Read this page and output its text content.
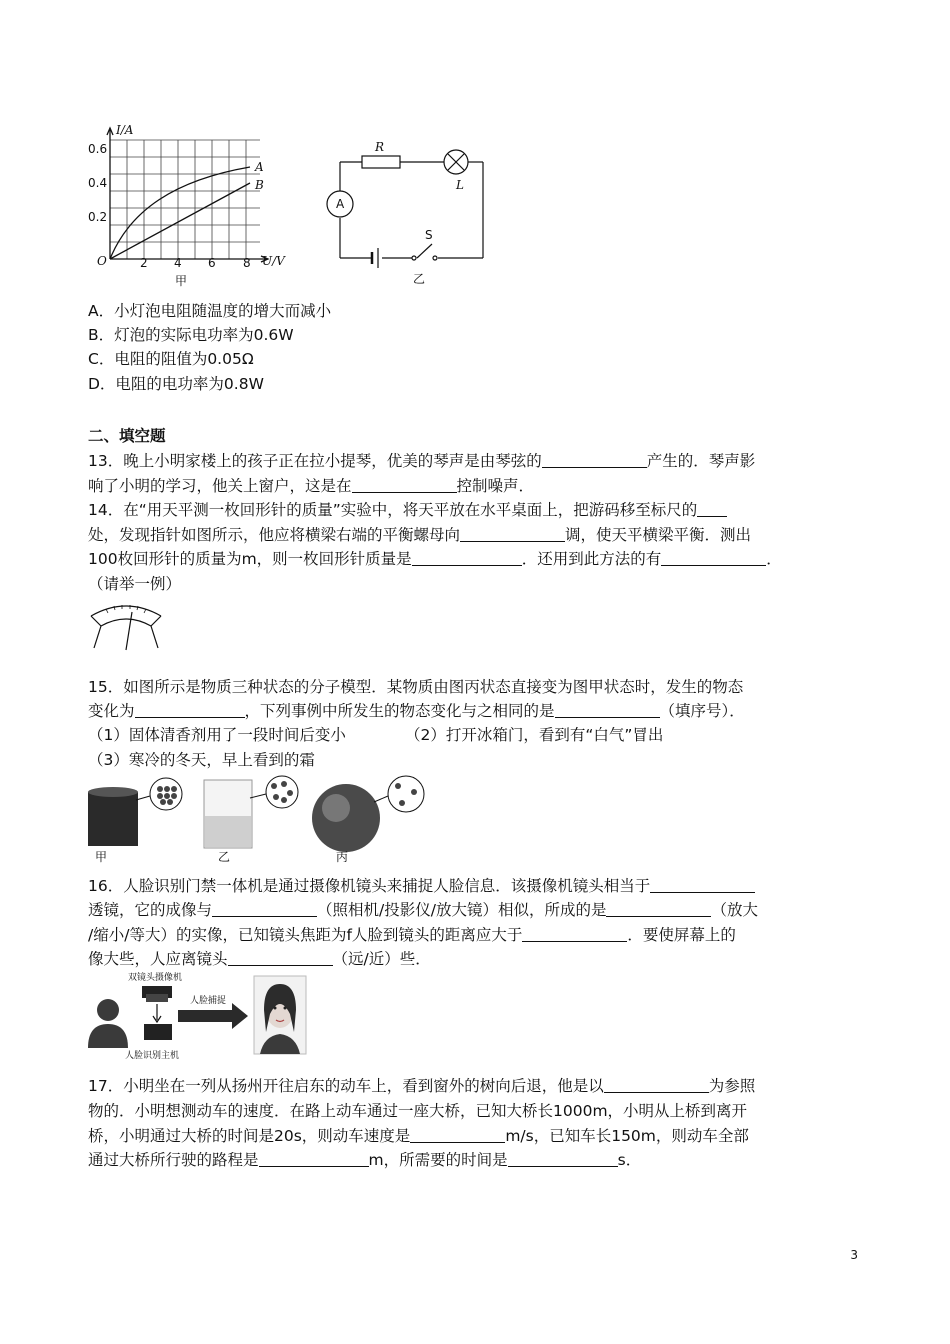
I/A
U/V
O
0.6
0.4
0.2
2 4 6 8
A
B
甲
R
L
A
S
乙
A．小灯泡电阻随温度的增大而减小
B．灯泡的实际电功率为0.6W
C．电阻的阻值为0.05Ω
D．电阻的电功率为0.8W
二、填空题
13．晚上小明家楼上的孩子正在拉小提琴，优美的琴声是由琴弦的	产生的．琴声影
响了小明的学习，他关上窗户，这是在	控制噪声．
14．在“用天平测一枚回形针的质量”实验中，将天平放在水平桌面上，把游码移至标尺的
处，发现指针如图所示，他应将横梁右端的平衡螺母向	调，使天平横梁平衡．测出
100枚回形针的质量为m，则一枚回形针质量是	．还用到此方法的有	．
（请举一例）
15．如图所示是物质三种状态的分子模型．某物质由图丙状态直接变为图甲状态时，发生的物态
变化为	，下列事例中所发生的物态变化与之相同的是	（填序号）．
（1）固体清香剂用了一段时间后变小	（2）打开冰箱门，看到有“白气”冒出
（3）寒冷的冬天，早上看到的霜
甲	乙	丙
16．人脸识别门禁一体机是通过摄像机镜头来捕捉人脸信息．该摄像机镜头相当于
透镜，它的成像与	（照相机/投影仪/放大镜）相似，所成的是	（放大
/缩小/等大）的实像，已知镜头焦距为f人脸到镜头的距离应大于	．要使屏幕上的
像大些，人应离镜头	（远/近）些．
双镜头摄像机
人脸捕捉
人脸识别主机
17．小明坐在一列从扬州开往启东的动车上，看到窗外的树向后退，他是以	为参照
物的．小明想测动车的速度．在路上动车通过一座大桥，已知大桥长1000m，小明从上桥到离开
桥，小明通过大桥的时间是20s，则动车速度是	m/s，已知车长150m，则动车全部
通过大桥所行驶的路程是	m，所需要的时间是	s．
3
